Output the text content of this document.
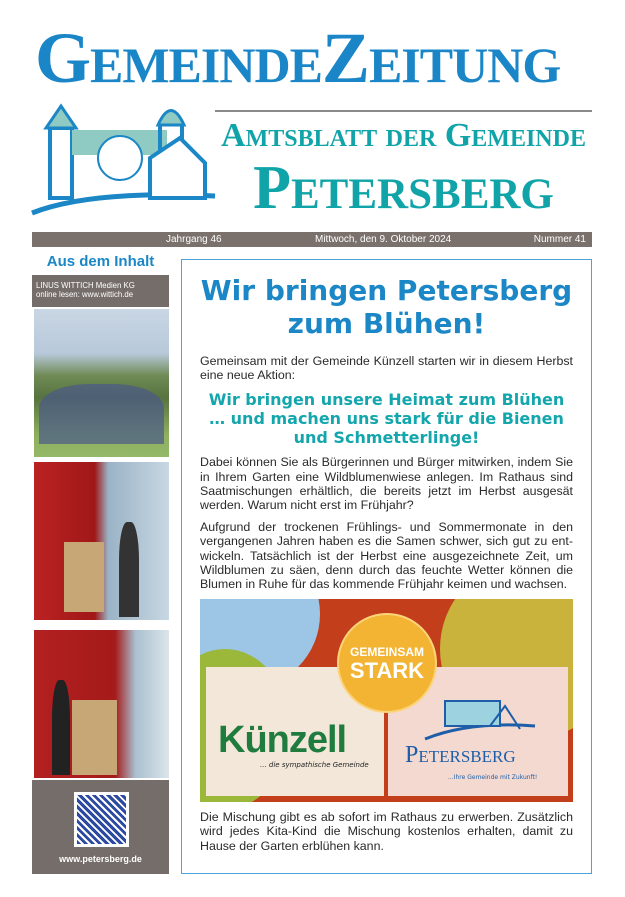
GemeindeZeitung
Amtsblatt der Gemeinde
Petersberg
Jahrgang 46	Mittwoch, den 9. Oktober 2024	Nummer 41
Aus dem Inhalt
LINUS WITTICH Medien KG
online lesen: www.wittich.de
www.petersberg.de
Wir bringen Petersberg
zum Blühen!
Gemeinsam mit der Gemeinde Künzell starten wir in diesem Herbst eine neue Aktion:
Wir bringen unsere Heimat zum Blühen … und machen uns stark für die Bienen und Schmetterlinge!
Dabei können Sie als Bürgerinnen und Bürger mitwirken, indem Sie in Ihrem Garten eine Wildblumenwiese anlegen. Im Rathaus sind Saatmischungen erhältlich, die bereits jetzt im Herbst ausgesät werden. Warum nicht erst im Frühjahr?
Aufgrund der trockenen Frühlings- und Sommermonate in den vergangenen Jahren haben es die Samen schwer, sich gut zu entwickeln. Tatsächlich ist der Herbst eine ausgezeichnete Zeit, um Wildblumen zu säen, denn durch das feuchte Wetter können die Blumen in Ruhe für das kommende Frühjahr keimen und wachsen.
GEMEINSAM
STARK
Künzell
... die sympathische Gemeinde Petersberg
...Ihre Gemeinde mit Zukunft!
Die Mischung gibt es ab sofort im Rathaus zu erwerben. Zusätzlich wird jedes Kita-Kind die Mischung kostenlos erhalten, damit zu Hause der Garten erblühen kann.
